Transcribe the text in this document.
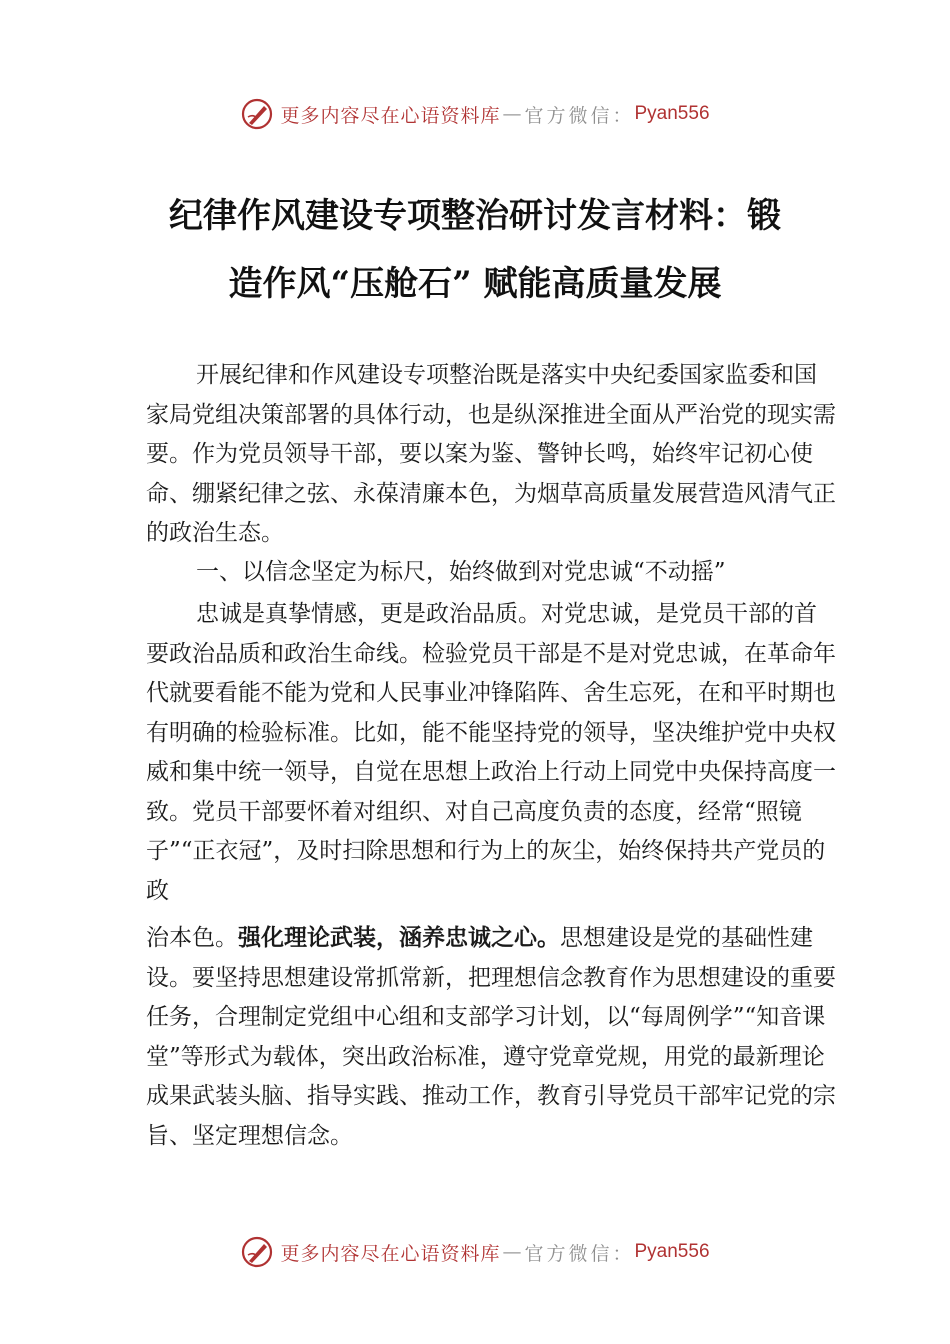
更多内容尽在心语资料库 — 官方微信： Pyan556
纪律作风建设专项整治研讨发言材料：锻
造作风“压舱石” 赋能高质量发展

开展纪律和作风建设专项整治既是落实中央纪委国家监委和国家局党组决策部署的具体行动，也是纵深推进全面从严治党的现实需要。作为党员领导干部，要以案为鉴、警钟长鸣，始终牢记初心使命、绷紧纪律之弦、永葆清廉本色，为烟草高质量发展营造风清气正的政治生态。

一、以信念坚定为标尺，始终做到对党忠诚“不动摇”

忠诚是真挚情感，更是政治品质。对党忠诚，是党员干部的首要政治品质和政治生命线。检验党员干部是不是对党忠诚，在革命年代就要看能不能为党和人民事业冲锋陷阵、舍生忘死，在和平时期也有明确的检验标准。比如，能不能坚持党的领导，坚决维护党中央权威和集中统一领导，自觉在思想上政治上行动上同党中央保持高度一致。党员干部要怀着对组织、对自己高度负责的态度，经常“照镜子”“正衣冠”，及时扫除思想和行为上的灰尘，始终保持共产党员的政

治本色。强化理论武装，涵养忠诚之心。思想建设是党的基础性建设。要坚持思想建设常抓常新，把理想信念教育作为思想建设的重要任务，合理制定党组中心组和支部学习计划，以“每周例学”“知音课堂”等形式为载体，突出政治标准，遵守党章党规，用党的最新理论成果武装头脑、指导实践、推动工作，教育引导党员干部牢记党的宗旨、坚定理想信念。

更多内容尽在心语资料库 — 官方微信： Pyan556
